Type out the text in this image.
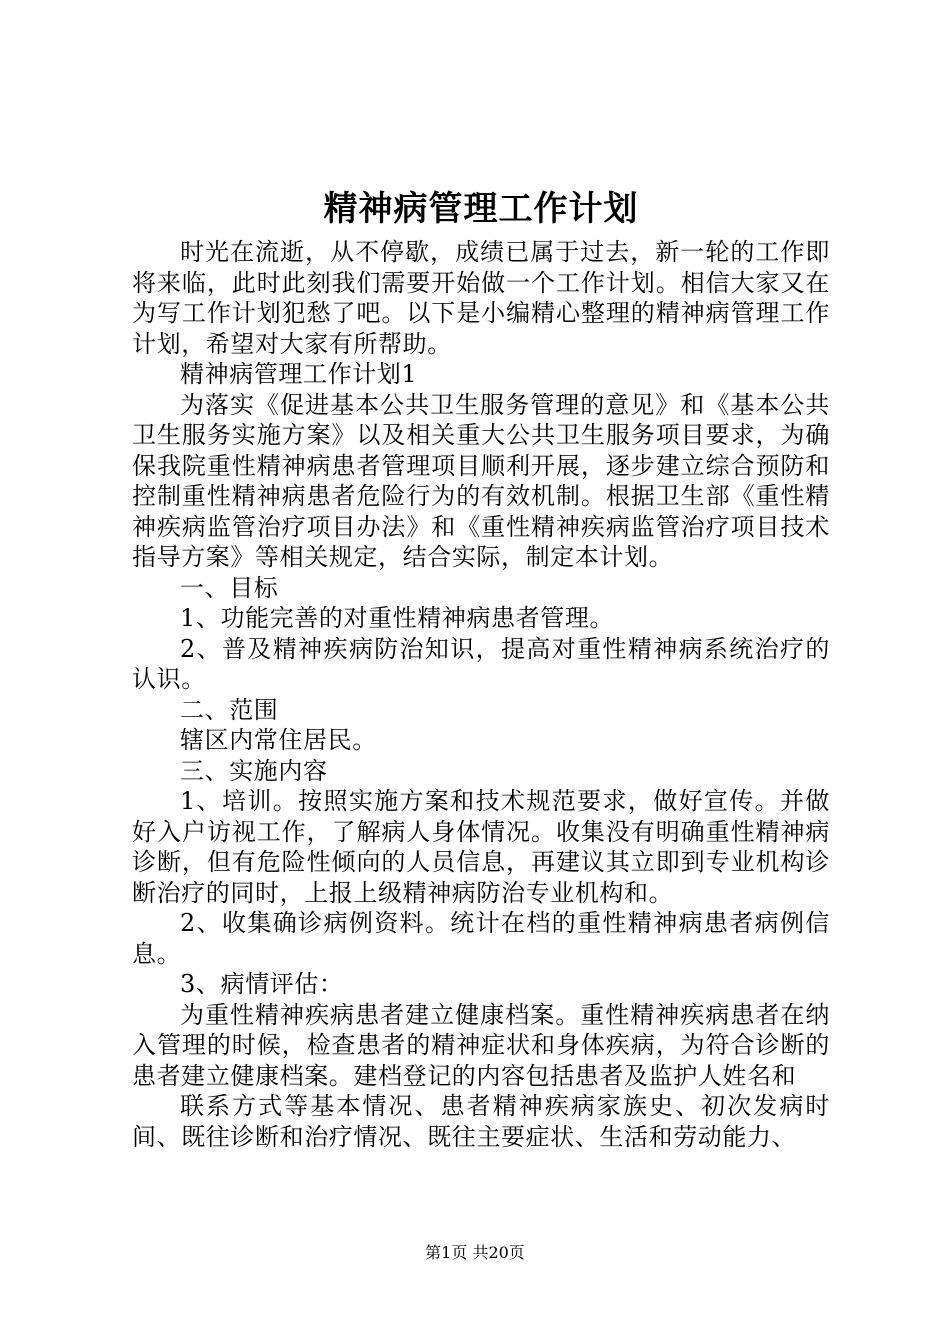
精神病管理工作计划

时光在流逝，从不停歇，成绩已属于过去，新一轮的工作即将来临，此时此刻我们需要开始做一个工作计划。相信大家又在为写工作计划犯愁了吧。以下是小编精心整理的精神病管理工作计划，希望对大家有所帮助。

精神病管理工作计划1

为落实《促进基本公共卫生服务管理的意见》和《基本公共卫生服务实施方案》以及相关重大公共卫生服务项目要求，为确保我院重性精神病患者管理项目顺利开展，逐步建立综合预防和控制重性精神病患者危险行为的有效机制。根据卫生部《重性精神疾病监管治疗项目办法》和《重性精神疾病监管治疗项目技术指导方案》等相关规定，结合实际，制定本计划。

一、目标

1、功能完善的对重性精神病患者管理。

2、普及精神疾病防治知识，提高对重性精神病系统治疗的认识。

二、范围

辖区内常住居民。

三、实施内容

1、培训。按照实施方案和技术规范要求，做好宣传。并做好入户访视工作，了解病人身体情况。收集没有明确重性精神病诊断，但有危险性倾向的人员信息，再建议其立即到专业机构诊断治疗的同时，上报上级精神病防治专业机构和。

2、收集确诊病例资料。统计在档的重性精神病患者病例信息。

3、病情评估：

为重性精神疾病患者建立健康档案。重性精神疾病患者在纳入管理的时候，检查患者的精神症状和身体疾病，为符合诊断的患者建立健康档案。建档登记的内容包括患者及监护人姓名和

联系方式等基本情况、患者精神疾病家族史、初次发病时间、既往诊断和治疗情况、既往主要症状、生活和劳动能力、

第1页 共20页
